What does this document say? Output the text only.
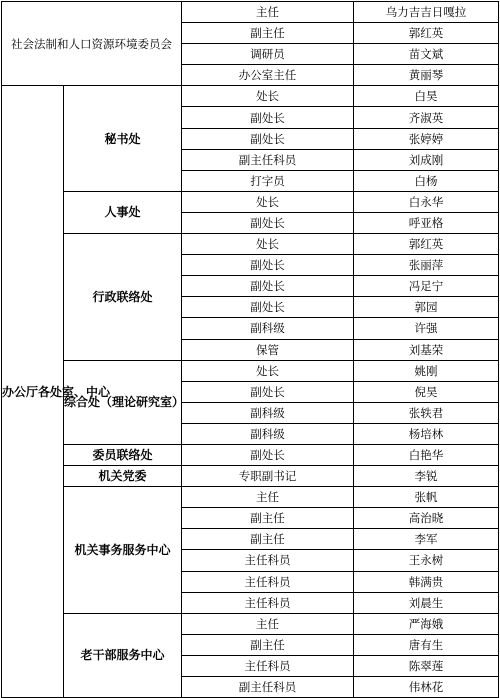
社会法制和人口资源环境委员会		主任	乌力吉吉日嘎拉
		副主任	郭红英
		调研员	苗文斌
		办公室主任	黄丽琴
办公厅各处室、中心	秘书处	处长	白昊
		副处长	齐淑英
		副处长	张婷婷
		副主任科员	刘成刚
		打字员	白杨
	人事处	处长	白永华
		副处长	呼亚格
	行政联络处	处长	郭红英
		副处长	张丽萍
		副处长	冯足宁
		副处长	郭园
		副科级	许强
		保管	刘基荣
	综合处（理论研究室）	处长	姚刚
		副处长	倪昊
		副科级	张轶君
		副科级	杨培林
	委员联络处	副处长	白艳华
	机关党委	专职副书记	李锐
	机关事务服务中心	主任	张帆
		副主任	高治晓
		副主任	李军
		主任科员	王永树
		主任科员	韩满贵
		主任科员	刘晨生
	老干部服务中心	主任	严海娥
		副主任	唐有生
		主任科员	陈翠莲
		副主任科员	伟林花
